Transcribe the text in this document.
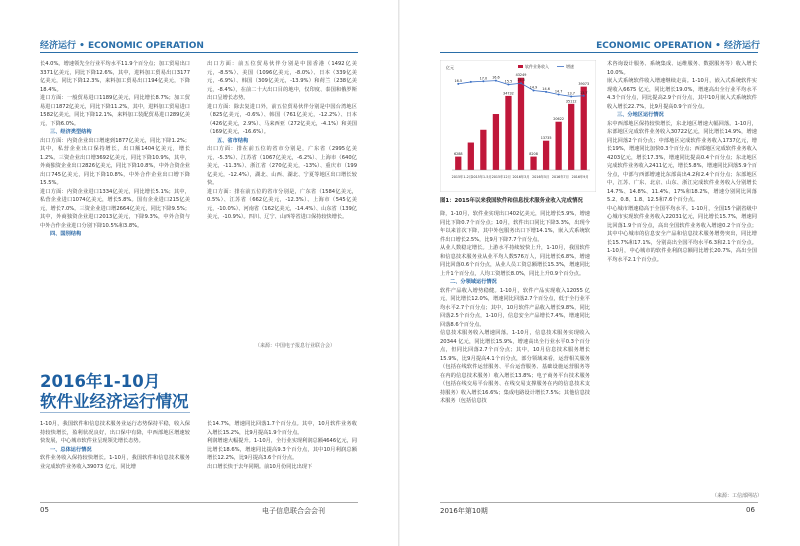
经济运行 • ECONOMIC OPERATION

长4.0%。增速领先全行业平均水平11.9个百分点；加工贸易出口3371亿美元，同比下降12.6%，其中，进料加工贸易出口3177亿美元，同比下降12.3%，来料加工贸易出口194亿美元，下降18.4%。

进口方面：一般贸易进口1189亿美元，同比增长8.7%；加工贸易进口1872亿美元，同比下降11.2%，其中，进料加工贸易进口1582亿美元，同比下降12.1%，来料加工装配贸易进口289亿美元，下降6.0%。

三、经济类型结构

出口方面：内资企业出口增速到1877亿美元，同比下降1.2%；其中，私营企业出口保持增长，出口额1404亿美元，增长1.2%。三资企业出口增3692亿美元，同比下降10.9%，其中，外商独资企业出口2826亿美元，同比下降10.8%，中外合资企业出口745亿美元，同比下降10.8%，中外合作企业出口增下降15.5%。

进口方面：内资企业进口1334亿美元，同比增长5.1%；其中，私营企业进口1074亿美元，增长5.8%。国有企业进口215亿美元，增长7.0%。三资企业进口增2664亿美元，同比下降9.5%；其中，外商独资企业进口2013亿美元，下降9.3%，中外合资与中外合作企业进口分别下降10.5%和3.8%。

四、国别结构

出口方面：前五位贸易伙伴分别是中国香港（1492亿美元，-8.5%）、美国（1096亿美元，-8.0%）、日本（339亿美元，-6.9%）、韩国（309亿美元，-13.9%）和荷兰（238亿美元，-8.4%），在前二十大出口目的地中，仅印度、泰国和俄罗斯出口呈增长态势。

进口方面：除去复进口外，前五位贸易伙伴分别是中国台湾地区（825亿美元，-0.6%）、韩国（761亿美元，-12.2%）、日本（426亿美元，2.9%）、马来西亚（272亿美元，-4.1%）和美国（169亿美元，-16.6%）。

五、省市结构

出口方面：排在前五位的省市分别是，广东省（2995亿美元，-5.3%）、江苏省（1067亿美元，-6.2%）、上海市（640亿美元，-11.3%）、浙江省（270亿美元，-13%）、重庆市（199亿美元，-12.4%），湖北、山西、湖北、宁夏等地区出口增长较快。

进口方面：排在前五位的省市分别是，广东省（1584亿美元，0.5%）、江苏省（662亿美元，-12.3%）、上海市（545亿美元，-10.0%）、河南省（162亿美元，-14.4%）、山东省（139亿美元，-10.9%）。四川、辽宁、山西等省进口保持较快增长。

（来源：中国电子报息行业联合会）
2016年1-10月
软件业经济运行情况

1-10月，我国软件和信息技术服务业运行态势保持平稳，收入保持较快增长，盈利状况良好，出口保中有降，中西部地区增速较快发展，中心城市软件业呈现领先增长态势。

一、总体运行情况

软件业务收入保持较快增长。1-10月，我国软件和信息技术服务业完成软件业务收入39073 亿元，同比增

长14.7%，增速同比回落1.7个百分点。其中，10月软件业务收入增长15.2%，比9月提高1.9个百分点。

利润增速大幅提升。1-10月，全行业实现利润总额4646亿元，同比增长18.6%，增速同比提高9.3个百分点，其中10月利润总额增长12.2%，比9月提高3.6个百分点。

出口增长快于去年同期。前10月份同比出现下

05	电子信息联合会会刊
ECONOMIC OPERATION • 经济运行
2016年第10期	06
亿元	软件业务收入	增速
6288
34732
43249
8208
13735
20622
35112
39073
16.5
17.0 16.6
15.5 15.3
14.9 14.6
14.7 13.7 13.7
2015年1-2月 2015年1-5月 2015年12月 2016年3月 2016年5月 2016年7月 2016年9月
图1：2015年以来我国软件和信息技术服务业收入完成情况

降，1-10月，软件业实现出口402亿美元，同比增长5.9%，增速同比下降0.7个百分点；10月，软件出口同比下降3.3%，出现今年以来首次下降，其中外包服务出口下增14.1%，嵌入式系统软件出口增长2.5%，比9月下降7.7个百分点。

从业人数稳定增长。上游水平持续较快上升，1-10月，我国软件和信息技术服务业从业平均人数576万人，同比增长6.8%，增速同比回落0.6个百分点，从业人员工资总额增长15.3%，增速同比上升1个百分点，人均工资增长8.0%，同比上升0.9个百分点。

二、分领域运行情况

软件产品收入增势稳健。1-10月，软件产品实现收入12055 亿元，同比增长12.0%，增速同比回落2.7个百分点，低于全行业平均水平2.7个百分点；其中，10月软件产品收入增长9.8%，同比回落2.5个百分点，1-10月，信息安全产品增长7.4%，增速同比回落8.6个百分点。

信息技术服务收入增速回落。1-10月，信息技术服务实现收入20344 亿元，同比增长15.9%，增速高出全行业水平0.3个百分点，但同比回落2.7个百分点；其中，10月信息技术服务增长15.9%，比9月提高4.1个百分点，部分领域来看，运营相关服务（包括在线软件运营服务、平台运营服务、基础设施运营服务等在内的信息技术服务）收入增长13.8%；电子商务平台技术服务（包括在线交易平台服务、在线交易支撑服务在内的信息技术支持服务）收入增长16.6%；集成电路设计增长7.5%；其他信息技术服务（包括信息技

术咨询设计服务、系统集成、运维服务、数据服务等）收入增长10.0%。

嵌入式系统软件收入增速继续走高。1-10月，嵌入式系统软件实现收入6675 亿元，同比增长19.0%，增速高出全行业平均水平4.3个百分点，同比提高2.9个百分点，其中10月嵌入式系统软件收入增长22.7%，比9月提高0.9个百分点。

三、分地区运行情况

东中西部地区保持较快增长，东北地区增速大幅回落。1-10月，东部地区完成软件业务收入30722亿元，同比增长14.9%，增速同比回落2个百分点；中部地区完成软件业务收入1737亿元，增长19%，增速同比加快0.3个百分点；西部地区完成软件业务收入4203亿元，增长17.3%，增速同比提高0.4个百分点；东北地区完成软件业务收入2411亿元，增长5.8%，增速同比回落5.9个百分点，中部与西部增速比东部高出4.2和2.4个百分点；东部地区中，江苏、广东、北京、山东、浙江完成软件业务收入分别增长14.7%、14.8%、11.4%、17%和18.2%，增速分别同比回落5.2、0.8、1.8、12.5和7.6个百分点。

中心城市增速稳高于全国平均水平。1-10月，全国15个副省级中心城市实现软件业务收入22031亿元，同比增长15.7%，增速同比回落1.9个百分点，高出全国软件业务收入增速0.2个百分点；其中中心城市的信息安全产品和信息技术服务增势突出，同比增长15.7%和17.1%，分别高出全国平均水平6.3和2.1个百分点。1-10月，中心城市的软件业利润总额同比增长20.7%，高出全国平均水平2.1个百分点。

（来源：工信部网站）
